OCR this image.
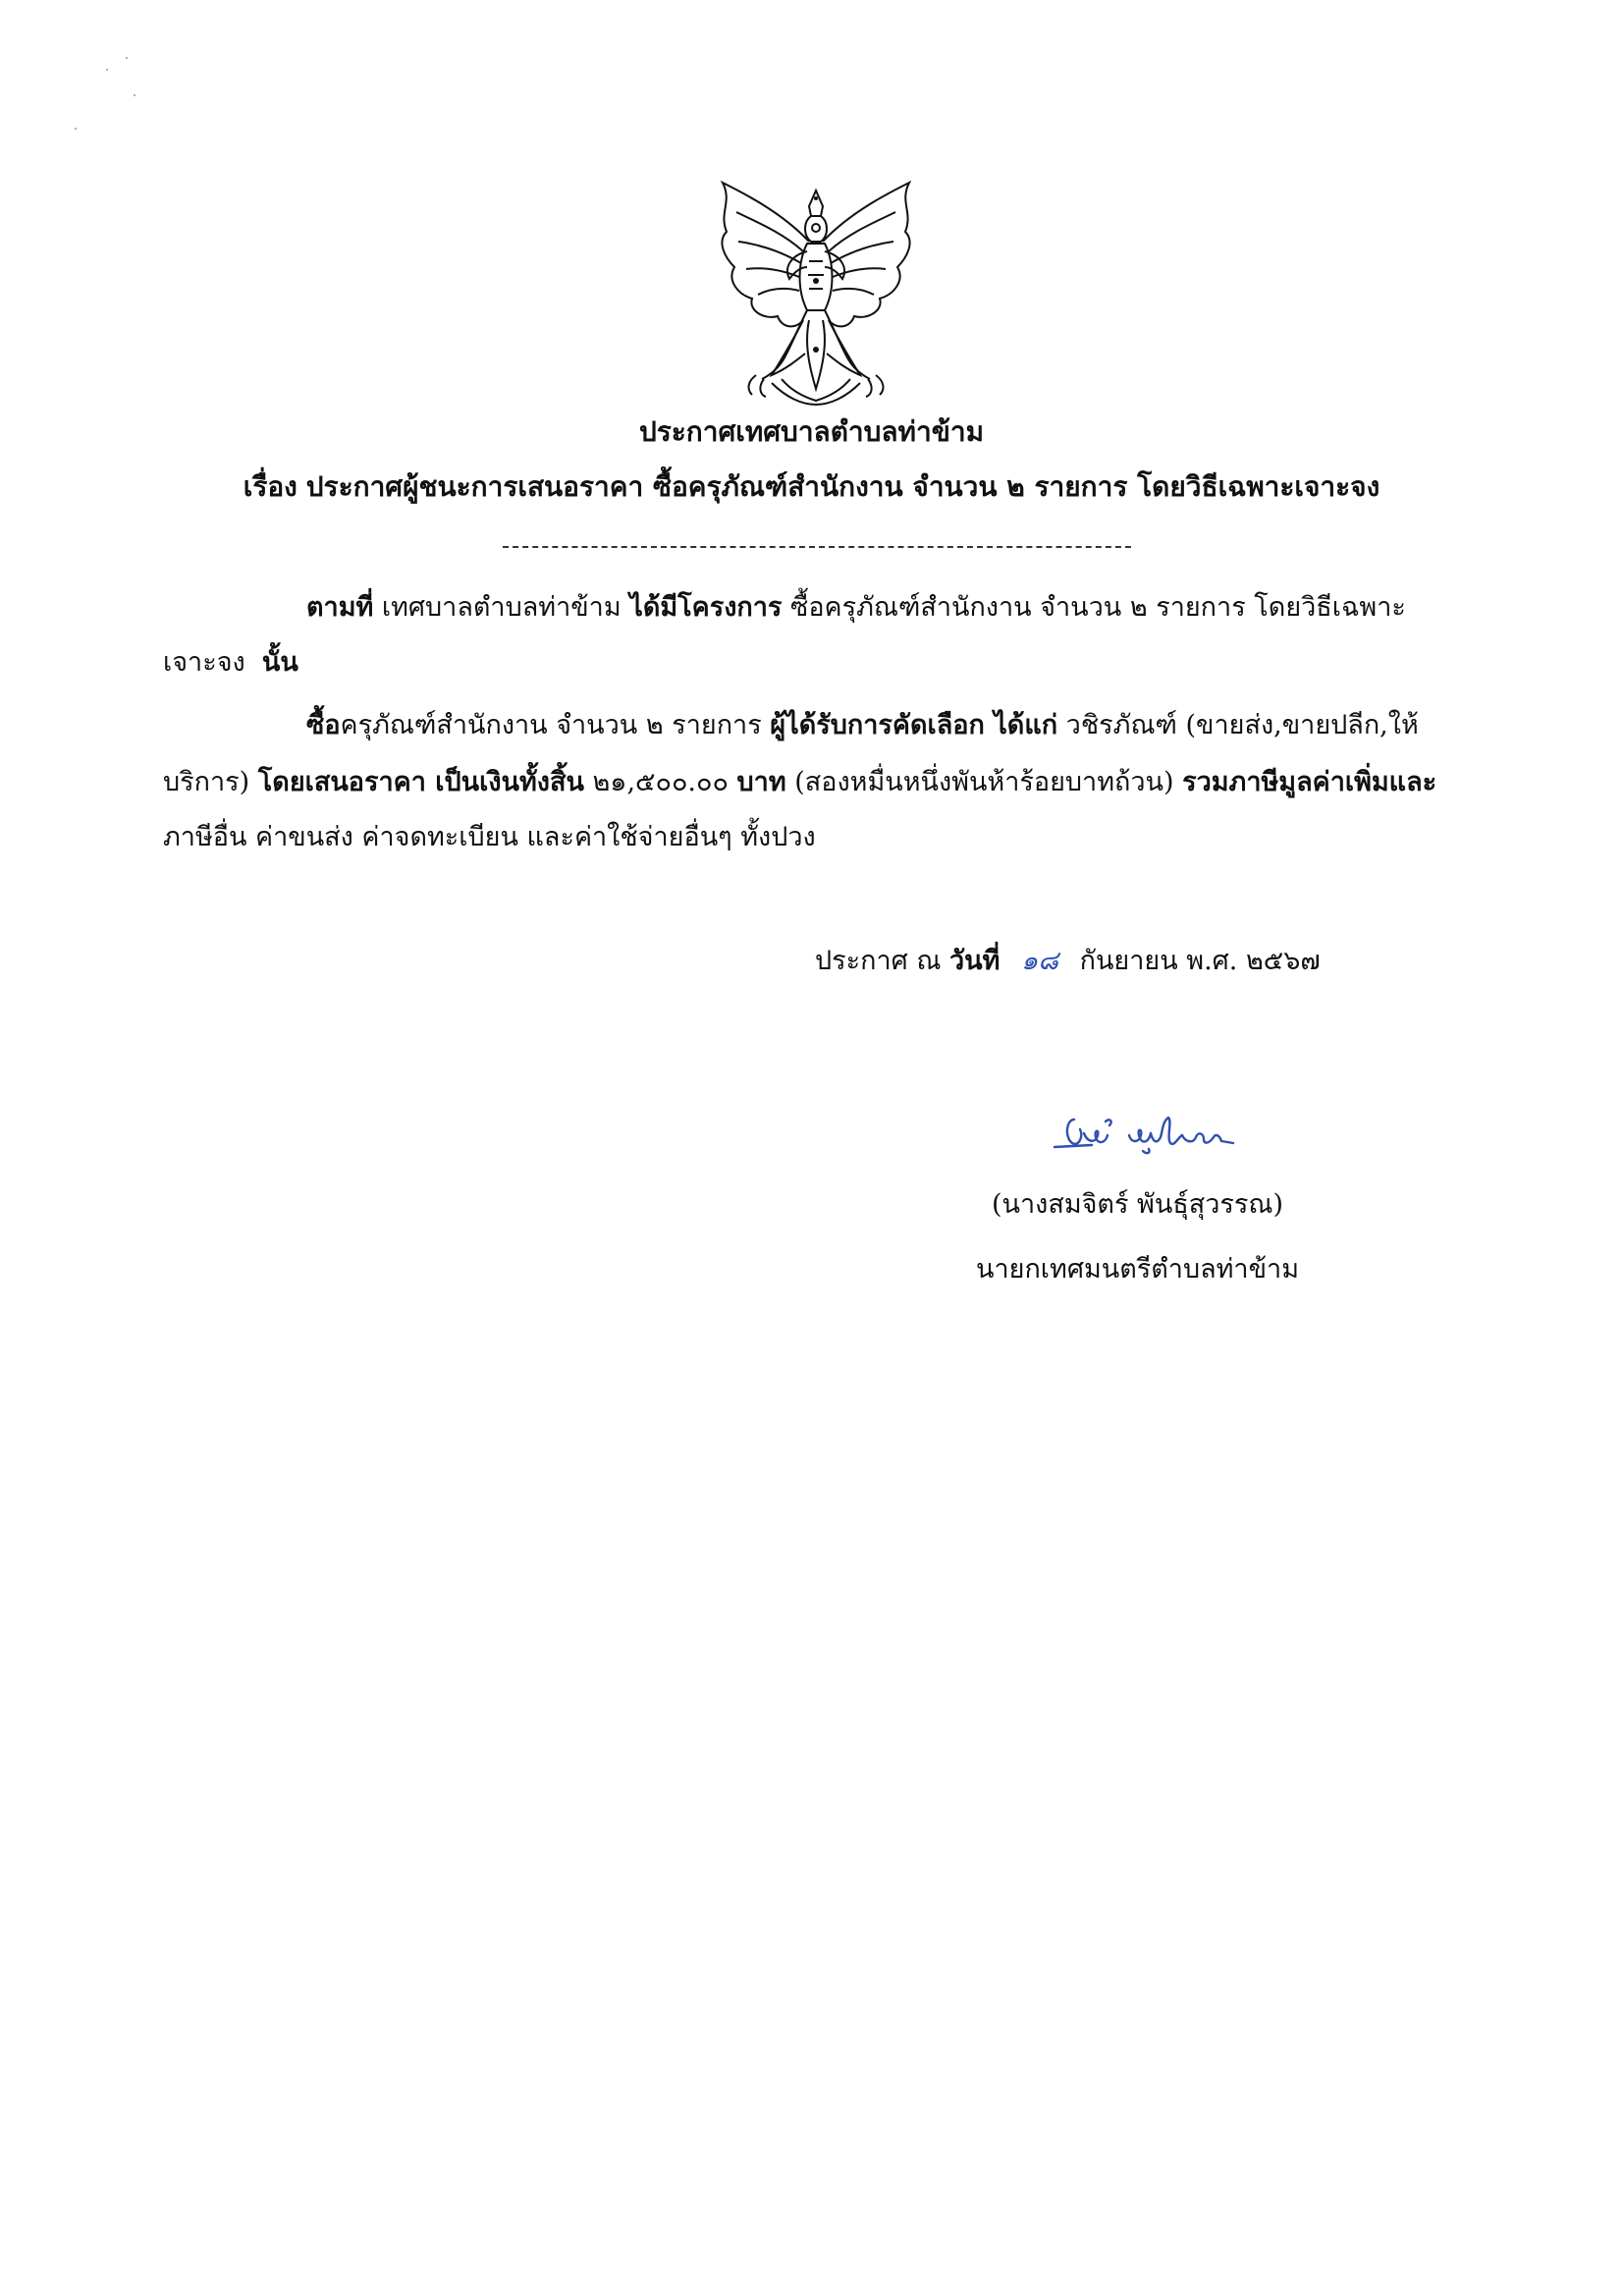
ประกาศเทศบาลตำบลท่าข้าม
เรื่อง ประกาศผู้ชนะการเสนอราคา ซื้อครุภัณฑ์สำนักงาน จำนวน ๒ รายการ โดยวิธีเฉพาะเจาะจง
ตามที่ เทศบาลตำบลท่าข้าม ได้มีโครงการ ซื้อครุภัณฑ์สำนักงาน จำนวน ๒ รายการ โดยวิธีเฉพาะ
เจาะจง  นั้น
ซื้อครุภัณฑ์สำนักงาน จำนวน ๒ รายการ ผู้ได้รับการคัดเลือก ได้แก่ วชิรภัณฑ์ (ขายส่ง,ขายปลีก,ให้
บริการ) โดยเสนอราคา เป็นเงินทั้งสิ้น ๒๑,๕๐๐.๐๐ บาท (สองหมื่นหนึ่งพันห้าร้อยบาทถ้วน) รวมภาษีมูลค่าเพิ่มและ
ภาษีอื่น ค่าขนส่ง ค่าจดทะเบียน และค่าใช้จ่ายอื่นๆ ทั้งปวง
ประกาศ ณ วันที่ ๑๘ กันยายน พ.ศ. ๒๕๖๗
(นางสมจิตร์ พันธุ์สุวรรณ)
นายกเทศมนตรีตำบลท่าข้าม
